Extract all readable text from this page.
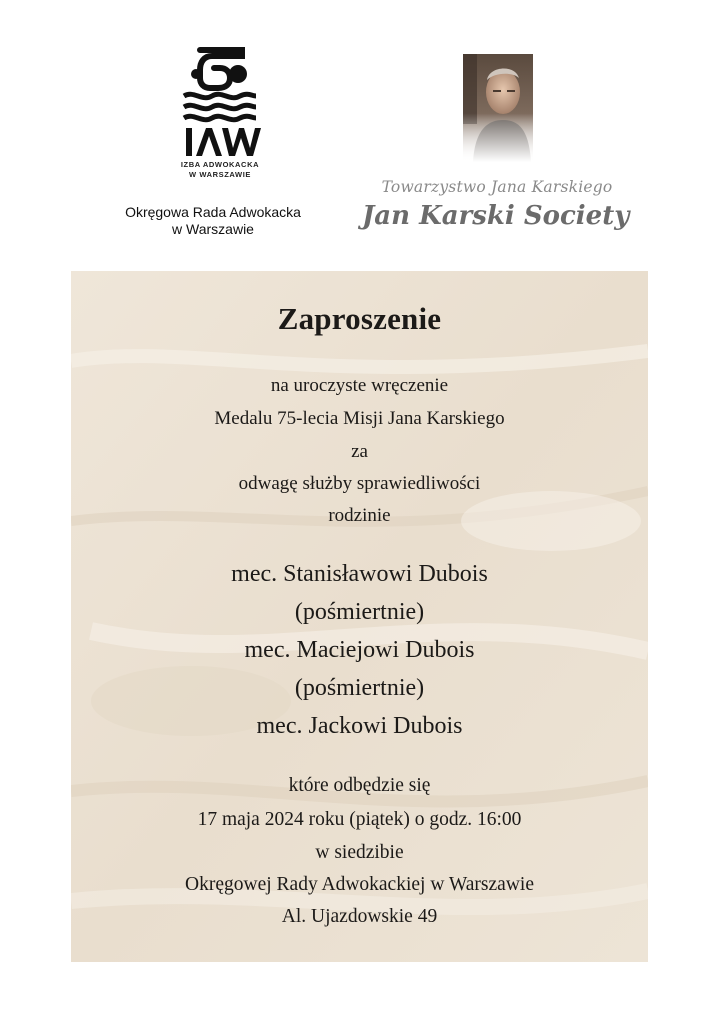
IZBA ADWOKACKA
W WARSZAWIE
Okręgowa Rada Adwokacka
w Warszawie
Towarzystwo Jana Karskiego
Jan Karski Society
Zaproszenie
na uroczyste wręczenie
Medalu 75-lecia Misji Jana Karskiego
za
odwagę służby sprawiedliwości
rodzinie
mec. Stanisławowi Dubois
(pośmiertnie)
mec. Maciejowi Dubois
(pośmiertnie)
mec. Jackowi Dubois
które odbędzie się
17 maja 2024 roku (piątek) o godz. 16:00
w siedzibie
Okręgowej Rady Adwokackiej w Warszawie
Al. Ujazdowskie 49
